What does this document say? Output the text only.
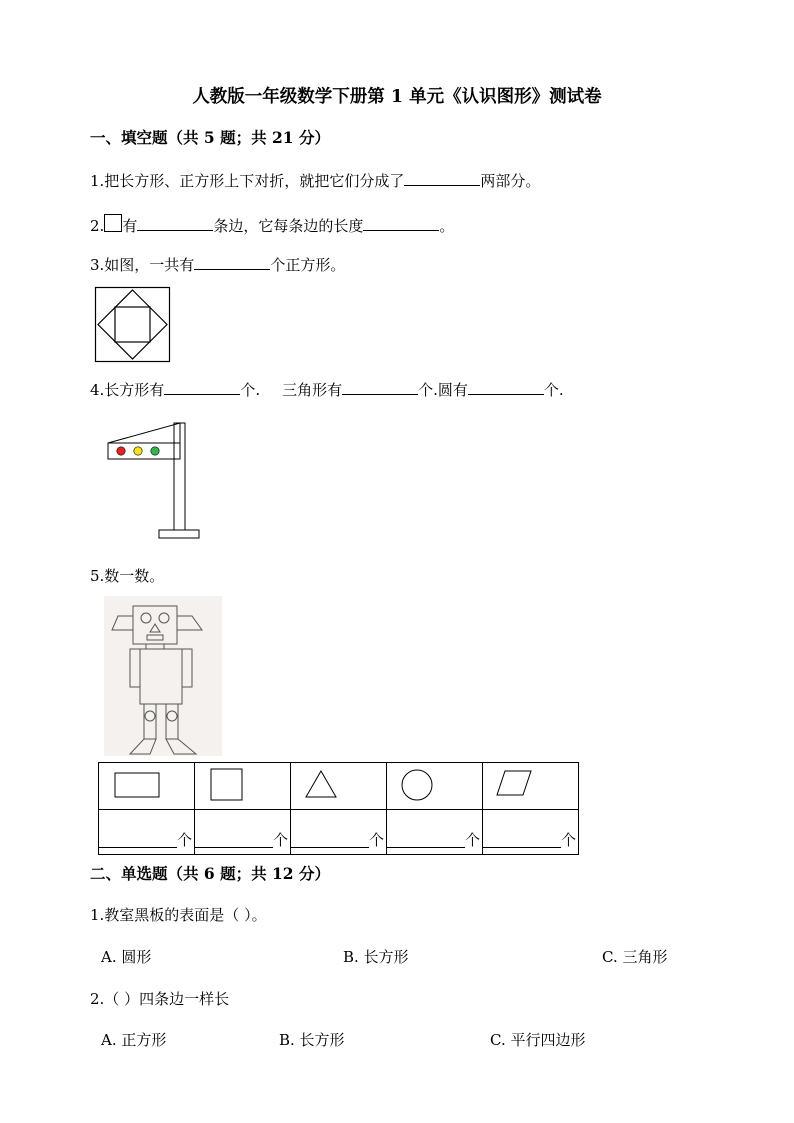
人教版一年级数学下册第 1 单元《认识图形》测试卷
一、填空题（共 5 题；共 21 分）
1.把长方形、正方形上下对折，就把它们分成了	两部分。
2. 有	条边，它每条边的长度	。
3.如图，一共有	个正方形。
4.长方形有	个. 三角形有	个.圆有	个.
5.数一数。

个	个	个	个	个
二、单选题（共 6 题；共 12 分）
1.教室黑板的表面是（ ）。
A. 圆形	B. 长方形	C. 三角形
2.（ ）四条边一样长
A. 正方形	B. 长方形	C. 平行四边形
